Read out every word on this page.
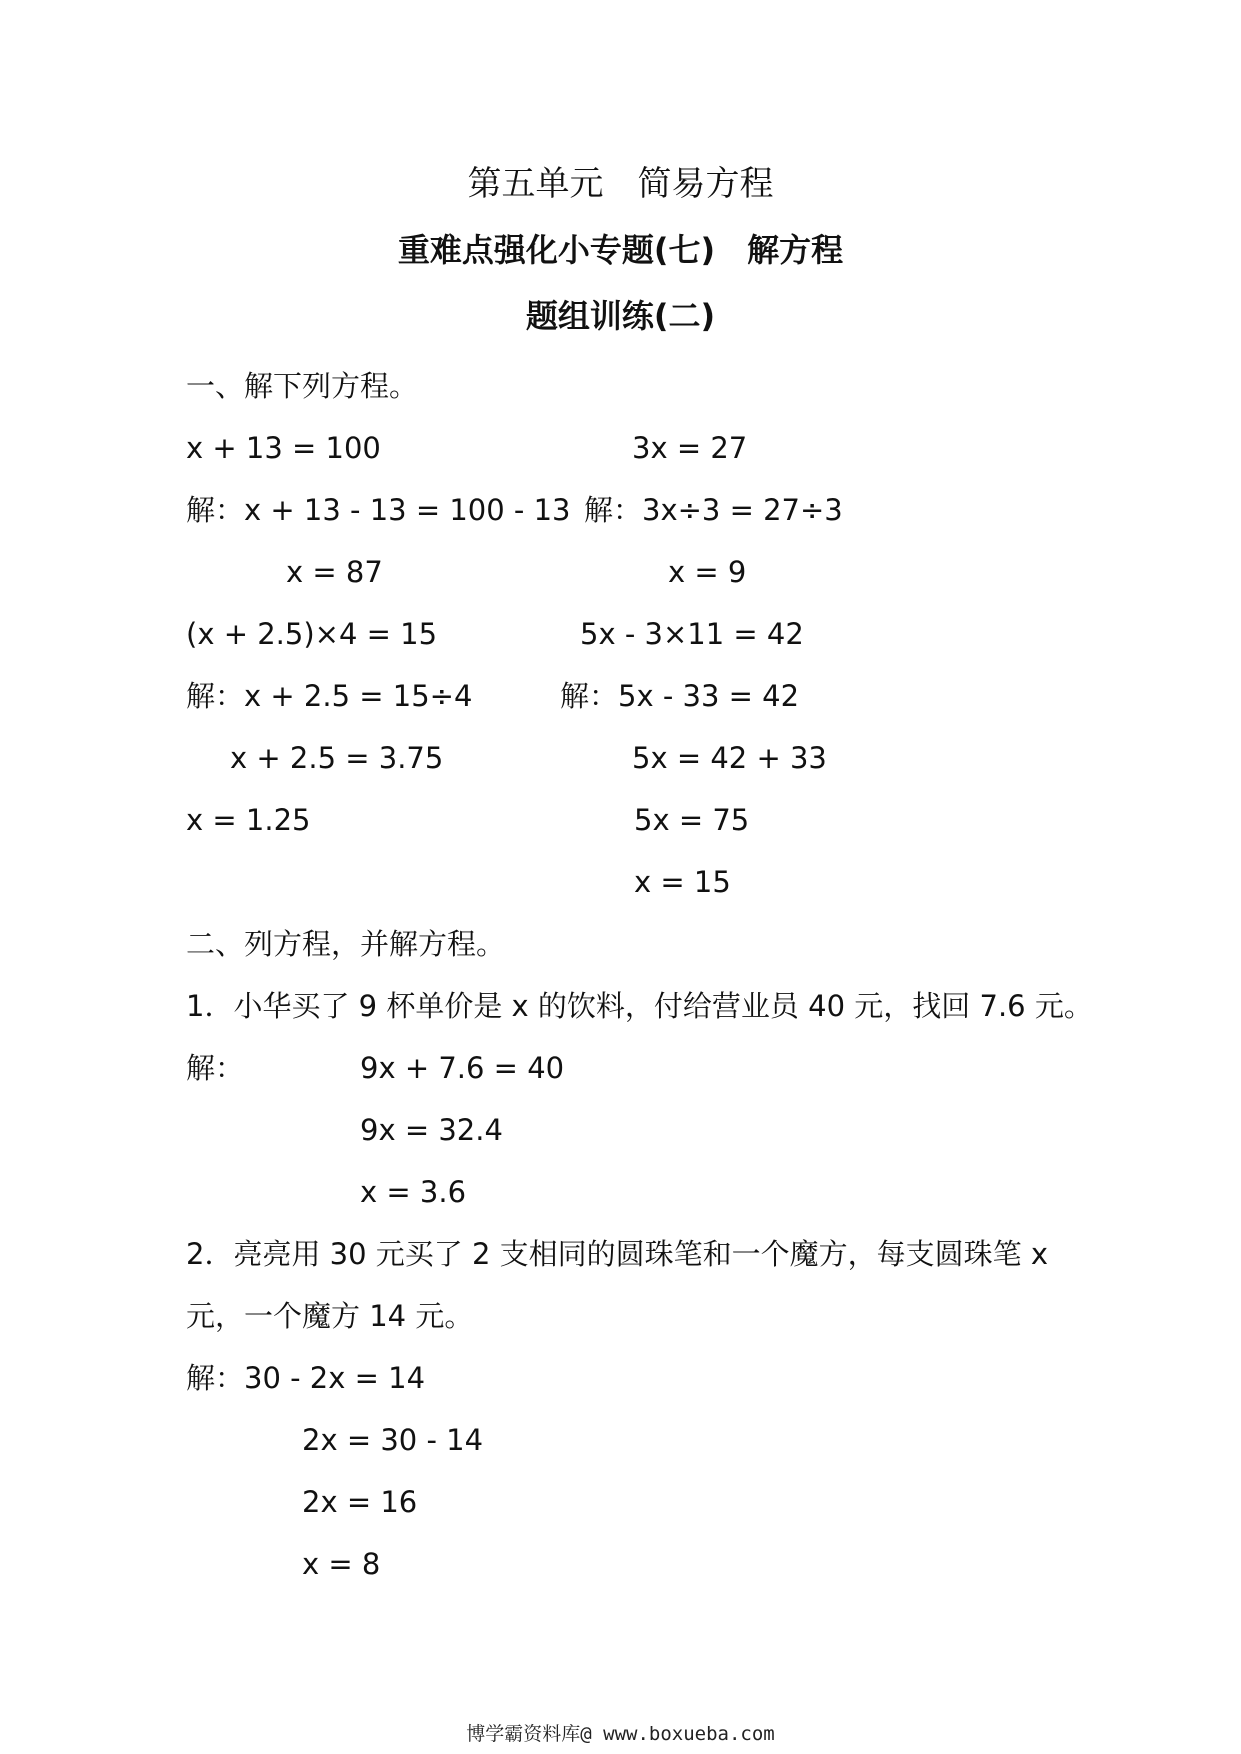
第五单元　简易方程
重难点强化小专题(七)　解方程
题组训练(二)
一、解下列方程。
x + 13 = 100
解：x + 13 - 13 = 100 - 13
x = 87
(x + 2.5)×4 = 15
解：x + 2.5 = 15÷4
x + 2.5 = 3.75
x = 1.25
3x = 27
解：3x÷3 = 27÷3
x = 9
5x - 3×11 = 42
解：5x - 33 = 42
5x = 42 + 33
5x = 75
x = 15
二、列方程，并解方程。
1．小华买了 9 杯单价是 x 的饮料，付给营业员 40 元，找回 7.6 元。
解：	9x + 7.6 = 40
9x = 32.4
x = 3.6
2．亮亮用 30 元买了 2 支相同的圆珠笔和一个魔方，每支圆珠笔 x
元，一个魔方 14 元。
解：30 - 2x = 14
2x = 30 - 14
2x = 16
x = 8
博学霸资料库@ www.boxueba.com
